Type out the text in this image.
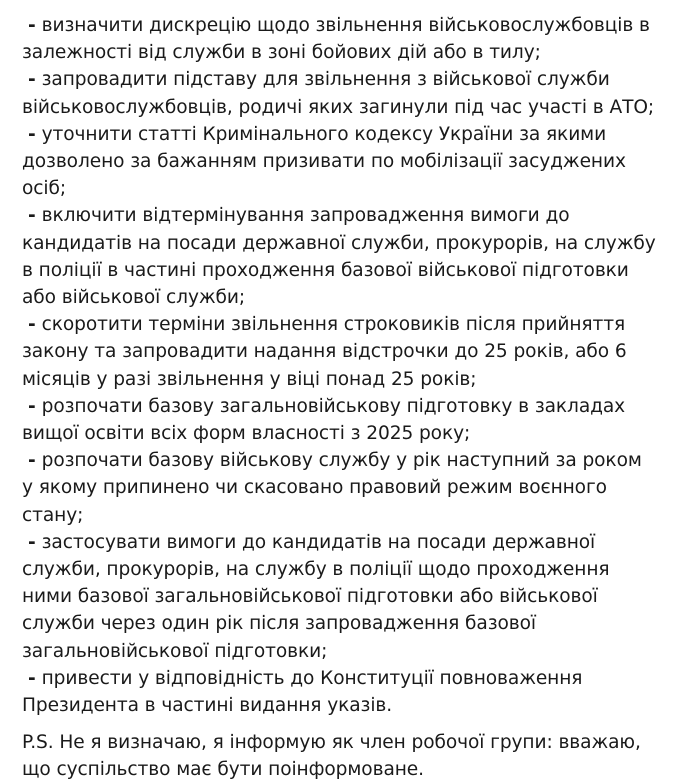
- визначити дискрецію щодо звільнення військовослужбовців в залежності від служби в зоні бойових дій або в тилу;
- запровадити підставу для звільнення з військової служби військовослужбовців, родичі яких загинули під час участі в АТО;
- уточнити статті Кримінального кодексу України за якими дозволено за бажанням призивати по мобілізації засуджених осіб;
- включити відтермінування запровадження вимоги до кандидатів на посади державної служби, прокурорів, на службу в поліції в частині проходження базової військової підготовки або військової служби;
- скоротити терміни звільнення строковиків після прийняття закону та запровадити надання відстрочки до 25 років, або 6 місяців у разі звільнення у віці понад 25 років;
- розпочати базову загальновійськову підготовку в закладах вищої освіти всіх форм власності з 2025 року;
- розпочати базову військову службу у рік наступний за роком у якому припинено чи скасовано правовий режим воєнного стану;
- застосувати вимоги до кандидатів на посади державної служби, прокурорів, на службу в поліції щодо проходження ними базової загальновійськової підготовки або військової служби через один рік після запровадження базової загальновійськової підготовки;
- привести у відповідність до Конституції повноваження Президента в частині видання указів.

P.S. Не я визначаю, я інформую як член робочої групи: вважаю, що суспільство має бути поінформоване.
